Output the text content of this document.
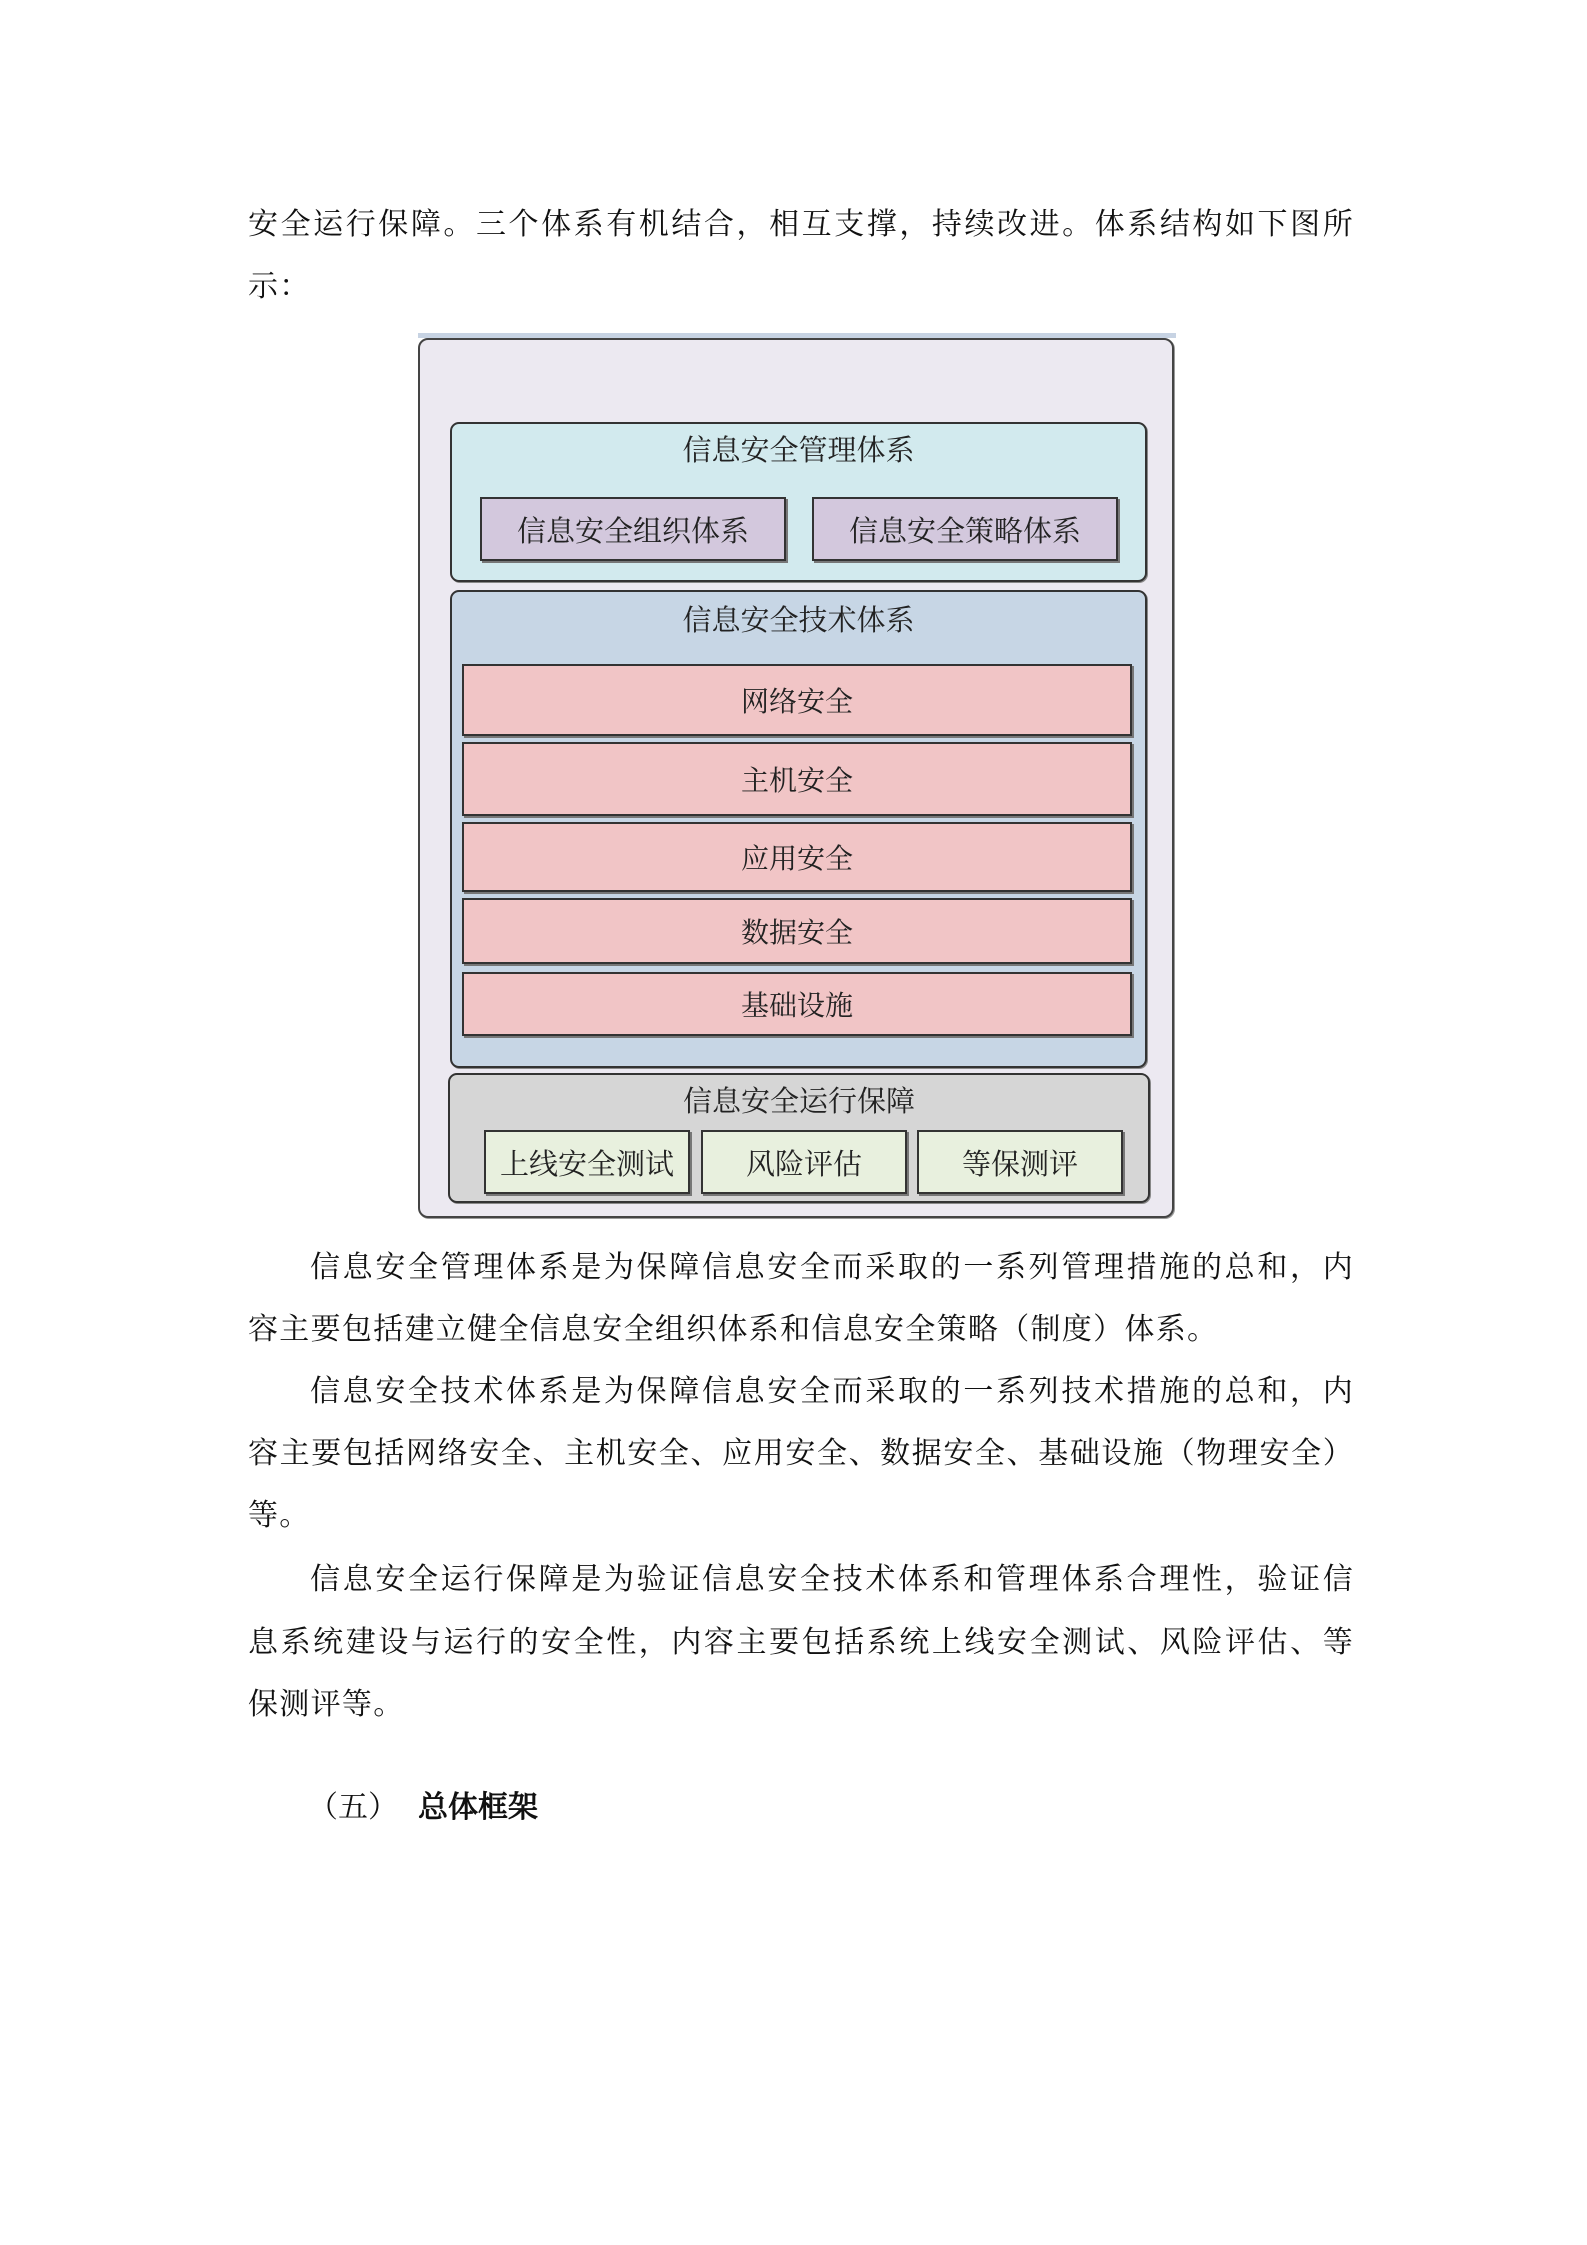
安全运行保障。三个体系有机结合，相互支撑，持续改进。体系结构如下图所
示：
信息安全管理体系
信息安全组织体系	信息安全策略体系
信息安全技术体系
网络安全
主机安全
应用安全
数据安全
基础设施
信息安全运行保障
上线安全测试	风险评估	等保测评
信息安全管理体系是为保障信息安全而采取的一系列管理措施的总和，内
容主要包括建立健全信息安全组织体系和信息安全策略（制度）体系。
信息安全技术体系是为保障信息安全而采取的一系列技术措施的总和，内
容主要包括网络安全、主机安全、应用安全、数据安全、基础设施（物理安全）
等。
信息安全运行保障是为验证信息安全技术体系和管理体系合理性，验证信
息系统建设与运行的安全性，内容主要包括系统上线安全测试、风险评估、等
保测评等。
（五） 总体框架
